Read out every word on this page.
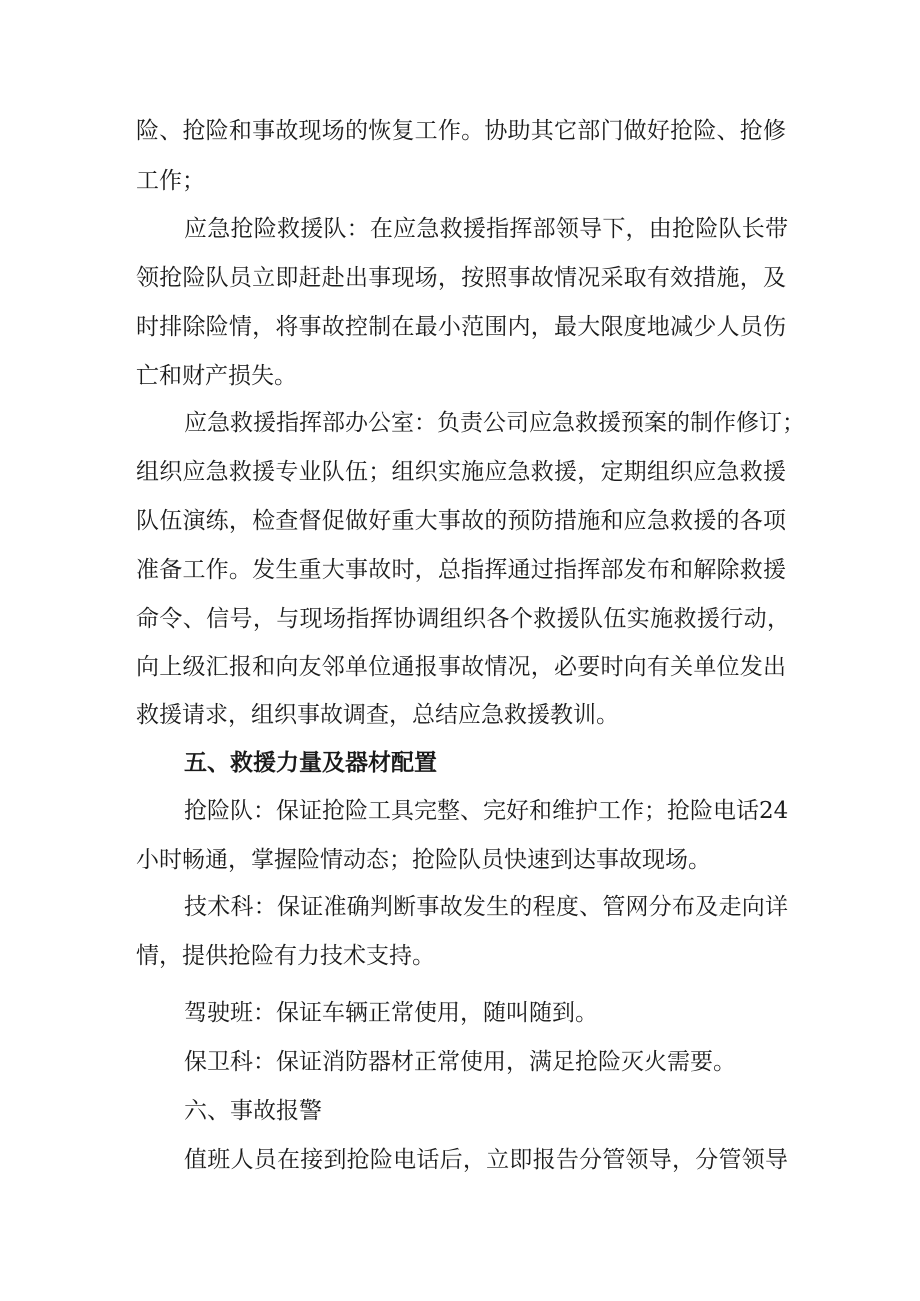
险、抢险和事故现场的恢复工作。协助其它部门做好抢险、抢修
工作；
应急抢险救援队：在应急救援指挥部领导下，由抢险队长带
领抢险队员立即赶赴出事现场，按照事故情况采取有效措施，及
时排除险情，将事故控制在最小范围内，最大限度地减少人员伤
亡和财产损失。
应急救援指挥部办公室：负责公司应急救援预案的制作修订；
组织应急救援专业队伍；组织实施应急救援，定期组织应急救援
队伍演练，检查督促做好重大事故的预防措施和应急救援的各项
准备工作。发生重大事故时，总指挥通过指挥部发布和解除救援
命令、信号，与现场指挥协调组织各个救援队伍实施救援行动，
向上级汇报和向友邻单位通报事故情况，必要时向有关单位发出
救援请求，组织事故调查，总结应急救援教训。
五、救援力量及器材配置
抢险队：保证抢险工具完整、完好和维护工作；抢险电话24
小时畅通，掌握险情动态；抢险队员快速到达事故现场。
技术科：保证准确判断事故发生的程度、管网分布及走向详
情，提供抢险有力技术支持。
驾驶班：保证车辆正常使用，随叫随到。
保卫科：保证消防器材正常使用，满足抢险灭火需要。
六、事故报警
值班人员在接到抢险电话后，立即报告分管领导，分管领导
